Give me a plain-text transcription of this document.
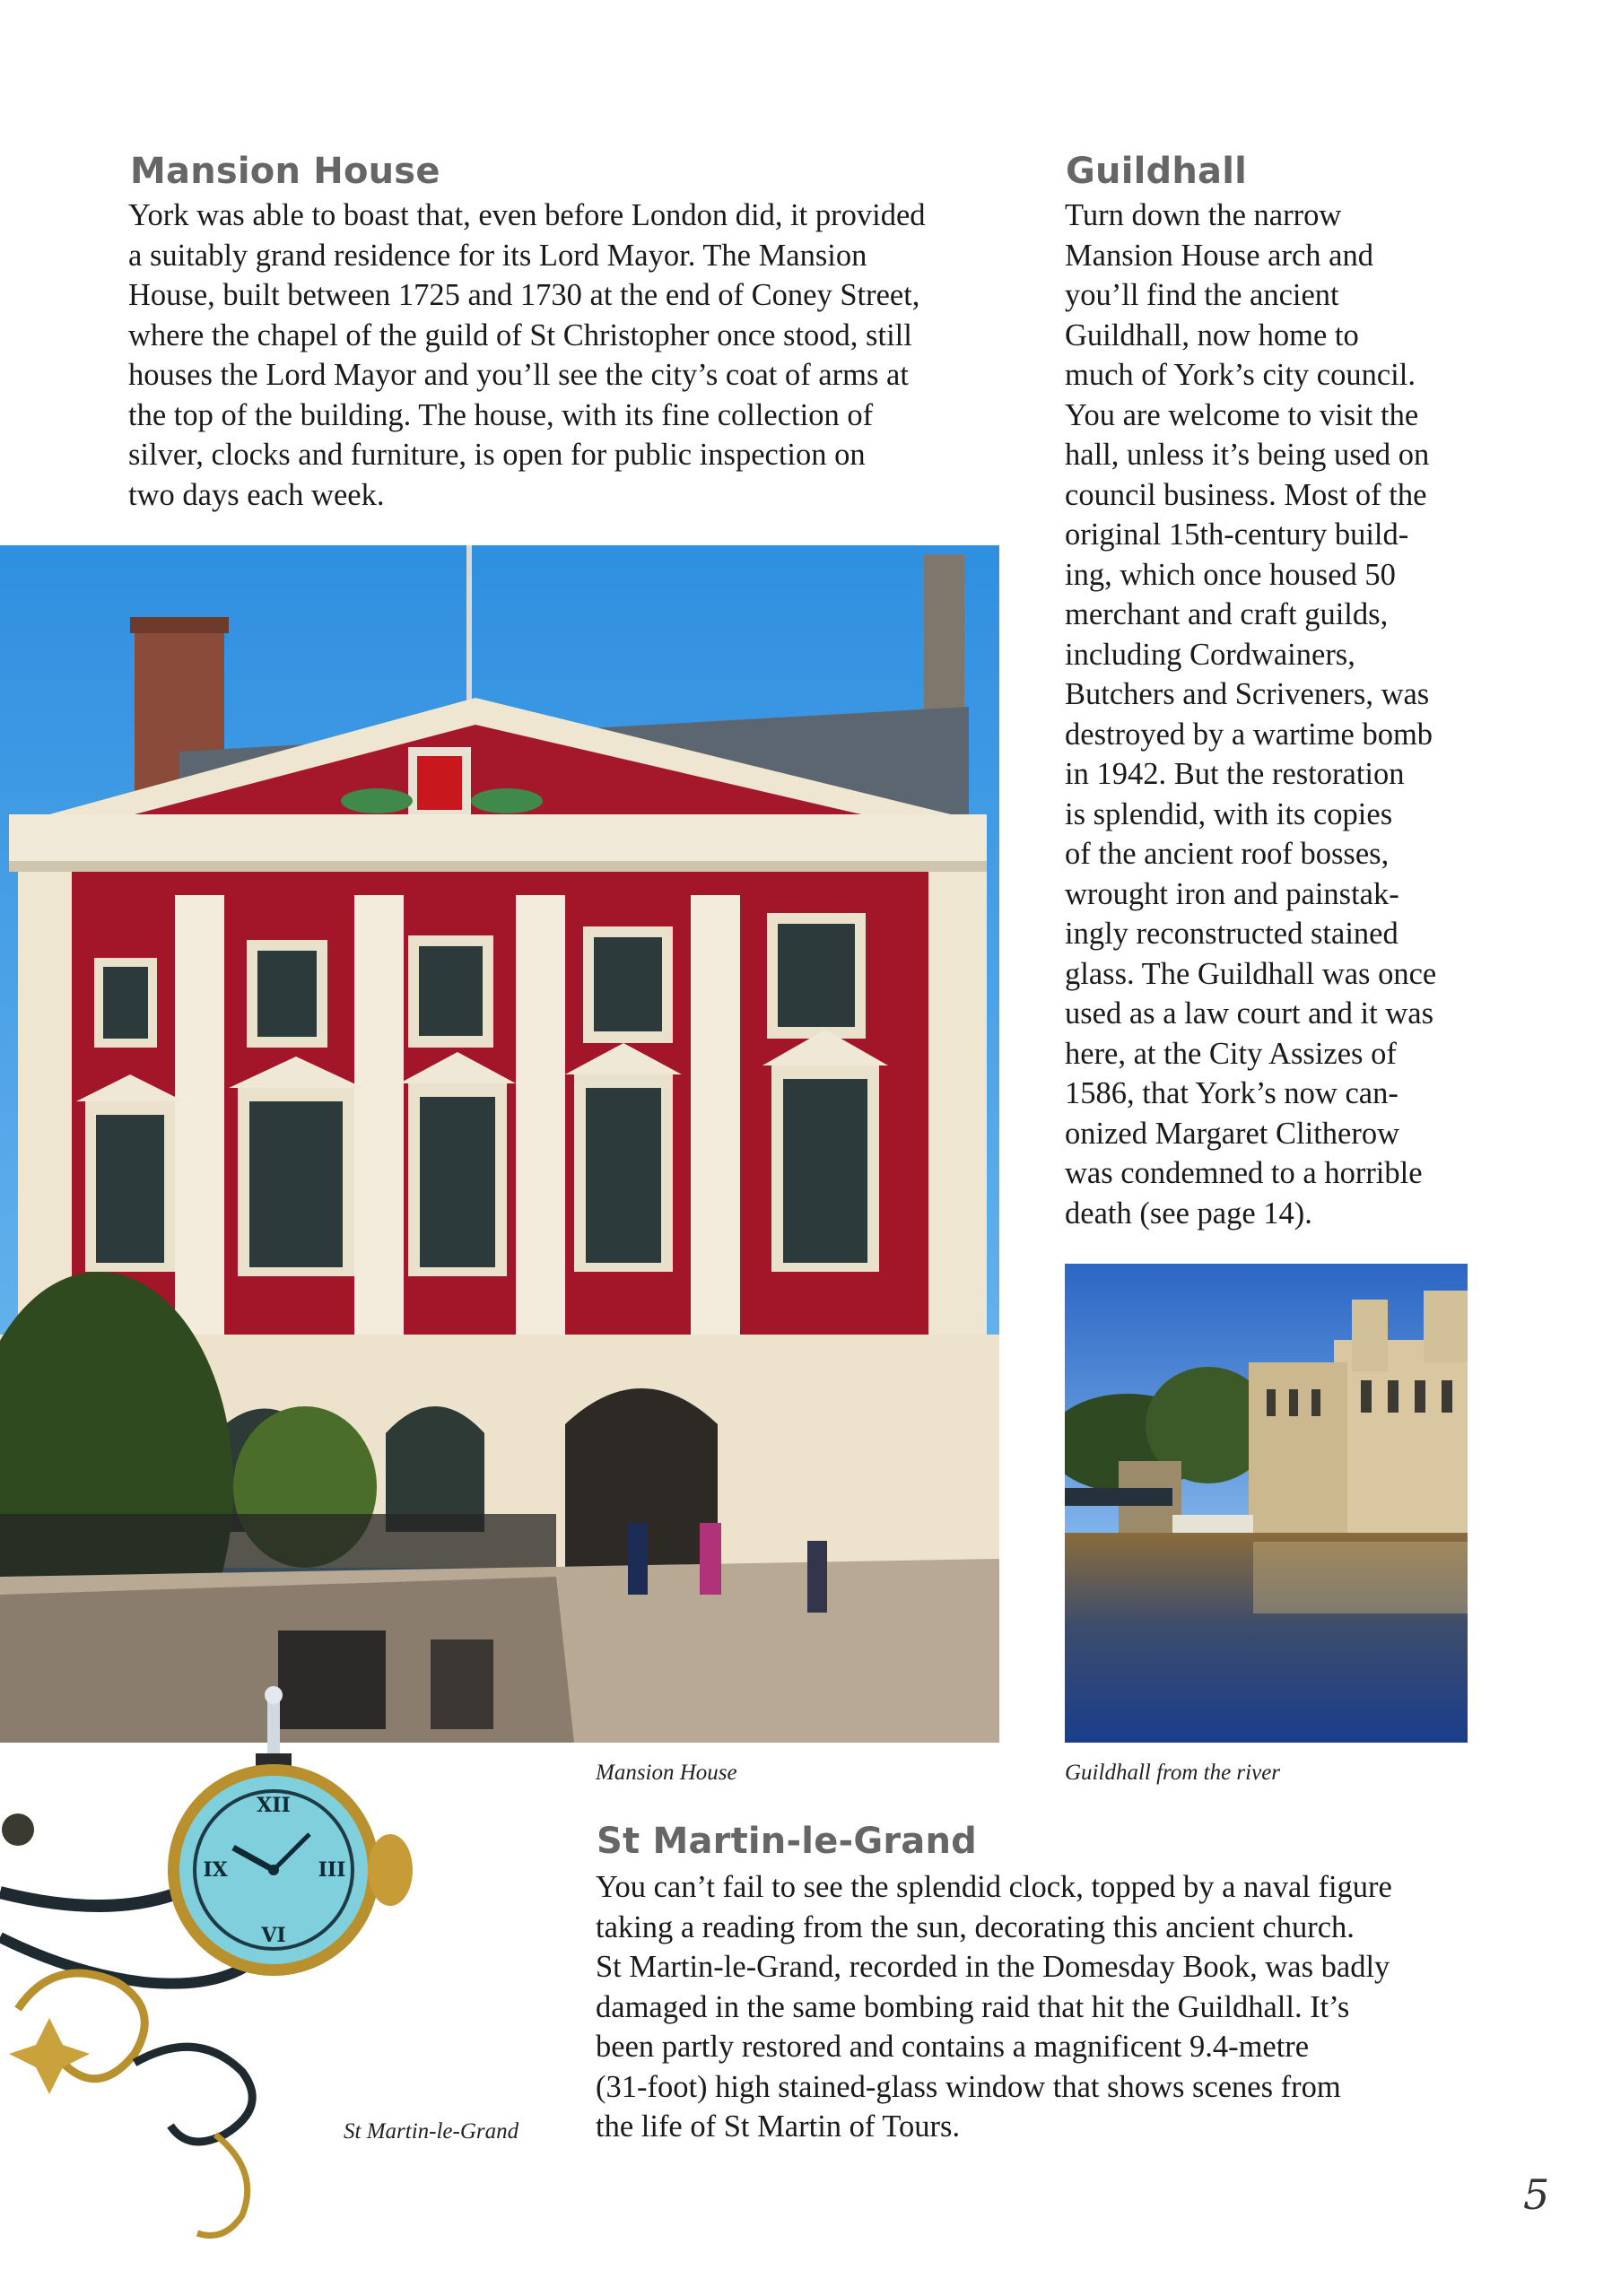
Mansion House
York was able to boast that, even before London did, it provided
a suitably grand residence for its Lord Mayor. The Mansion
House, built between 1725 and 1730 at the end of Coney Street,
where the chapel of the guild of St Christopher once stood, still
houses the Lord Mayor and you’ll see the city’s coat of arms at
the top of the building. The house, with its fine collection of
silver, clocks and furniture, is open for public inspection on
two days each week.
Guildhall
Turn down the narrow
Mansion House arch and
you’ll find the ancient
Guildhall, now home to
much of York’s city council.
You are welcome to visit the
hall, unless it’s being used on
council business. Most of the
original 15th-century build-
ing, which once housed 50
merchant and craft guilds,
including Cordwainers,
Butchers and Scriveners, was
destroyed by a wartime bomb
in 1942. But the restoration
is splendid, with its copies
of the ancient roof bosses,
wrought iron and painstak-
ingly reconstructed stained
glass. The Guildhall was once
used as a law court and it was
here, at the City Assizes of
1586, that York’s now can-
onized Margaret Clitherow
was condemned to a horrible
death (see page 14).
XII
III
VI
IX
Mansion House	Guildhall from the river
St Martin-le-Grand
St Martin-le-Grand
You can’t fail to see the splendid clock, topped by a naval figure
taking a reading from the sun, decorating this ancient church.
St Martin-le-Grand, recorded in the Domesday Book, was badly
damaged in the same bombing raid that hit the Guildhall. It’s
been partly restored and contains a magnificent 9.4-metre
(31-foot) high stained-glass window that shows scenes from
the life of St Martin of Tours.
5
